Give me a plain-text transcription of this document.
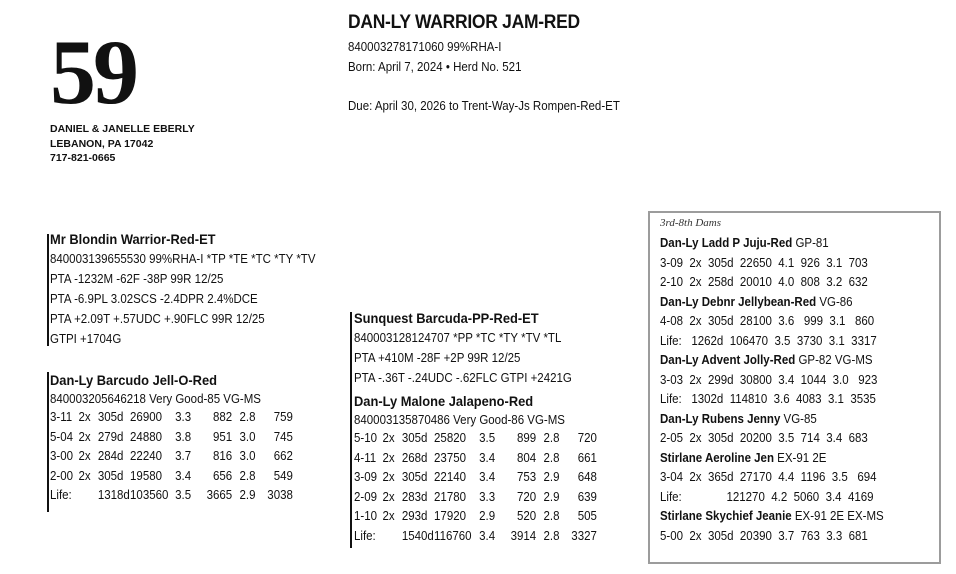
59
DANIEL & JANELLE EBERLY
LEBANON, PA 17042
717-821-0665
DAN-LY WARRIOR JAM-RED
840003278171060 99%RHA-I
Born: April 7, 2024 • Herd No. 521
Due: April 30, 2026 to Trent-Way-Js Rompen-Red-ET
Mr Blondin Warrior-Red-ET
840003139655530 99%RHA-I *TP *TE *TC *TY *TV
PTA -1232M -62F -38P 99R 12/25
PTA -6.9PL 3.02SCS -2.4DPR 2.4%DCE
PTA +2.09T +.57UDC +.90FLC 99R 12/25
GTPI +1704G
Dan-Ly Barcudo Jell-O-Red
840003205646218 Very Good-85 VG-MS
3-11 2x 305d 26900	3.3	882 2.8	759
5-04 2x 279d 24880	3.8	951 3.0	745
3-00 2x 284d 22240	3.7	816 3.0	662
2-00 2x 305d 19580	3.4	656 2.8	549
Life:	1318d 103560 3.5	3665 2.9 3038
Sunquest Barcuda-PP-Red-ET
840003128124707 *PP *TC *TY *TV *TL
PTA +410M -28F +2P 99R 12/25
PTA -.36T -.24UDC -.62FLC GTPI +2421G
Dan-Ly Malone Jalapeno-Red
840003135870486 Very Good-86 VG-MS
5-10 2x 305d 25820	3.5	899 2.8	720
4-11 2x 268d 23750	3.4	804 2.8	661
3-09 2x 305d 22140	3.4	753 2.9	648
2-09 2x 283d 21780	3.3	720 2.9	639
1-10 2x 293d 17920	2.9	520 2.8	505
Life:	1540d 116760 3.4	3914 2.8 3327
3rd-8th Dams
Dan-Ly Ladd P Juju-Red GP-81
3-09  2x  305d  22650  4.1  926  3.1  703
2-10  2x  258d  20010  4.0  808  3.2  632
Dan-Ly Debnr Jellybean-Red VG-86
4-08  2x  305d  28100  3.6   999  3.1   860
Life:   1262d  106470  3.5  3730  3.1  3317
Dan-Ly Advent Jolly-Red GP-82 VG-MS
3-03  2x  299d  30800  3.4  1044  3.0   923
Life:   1302d  114810  3.6  4083  3.1  3535
Dan-Ly Rubens Jenny VG-85
2-05  2x  305d  20200  3.5  714  3.4  683
Stirlane Aeroline Jen EX-91 2E
3-04  2x  365d  27170  4.4  1196  3.5   694
Life:              121270  4.2  5060  3.4  4169
Stirlane Skychief Jeanie EX-91 2E EX-MS
5-00  2x  305d  20390  3.7  763  3.3  681
